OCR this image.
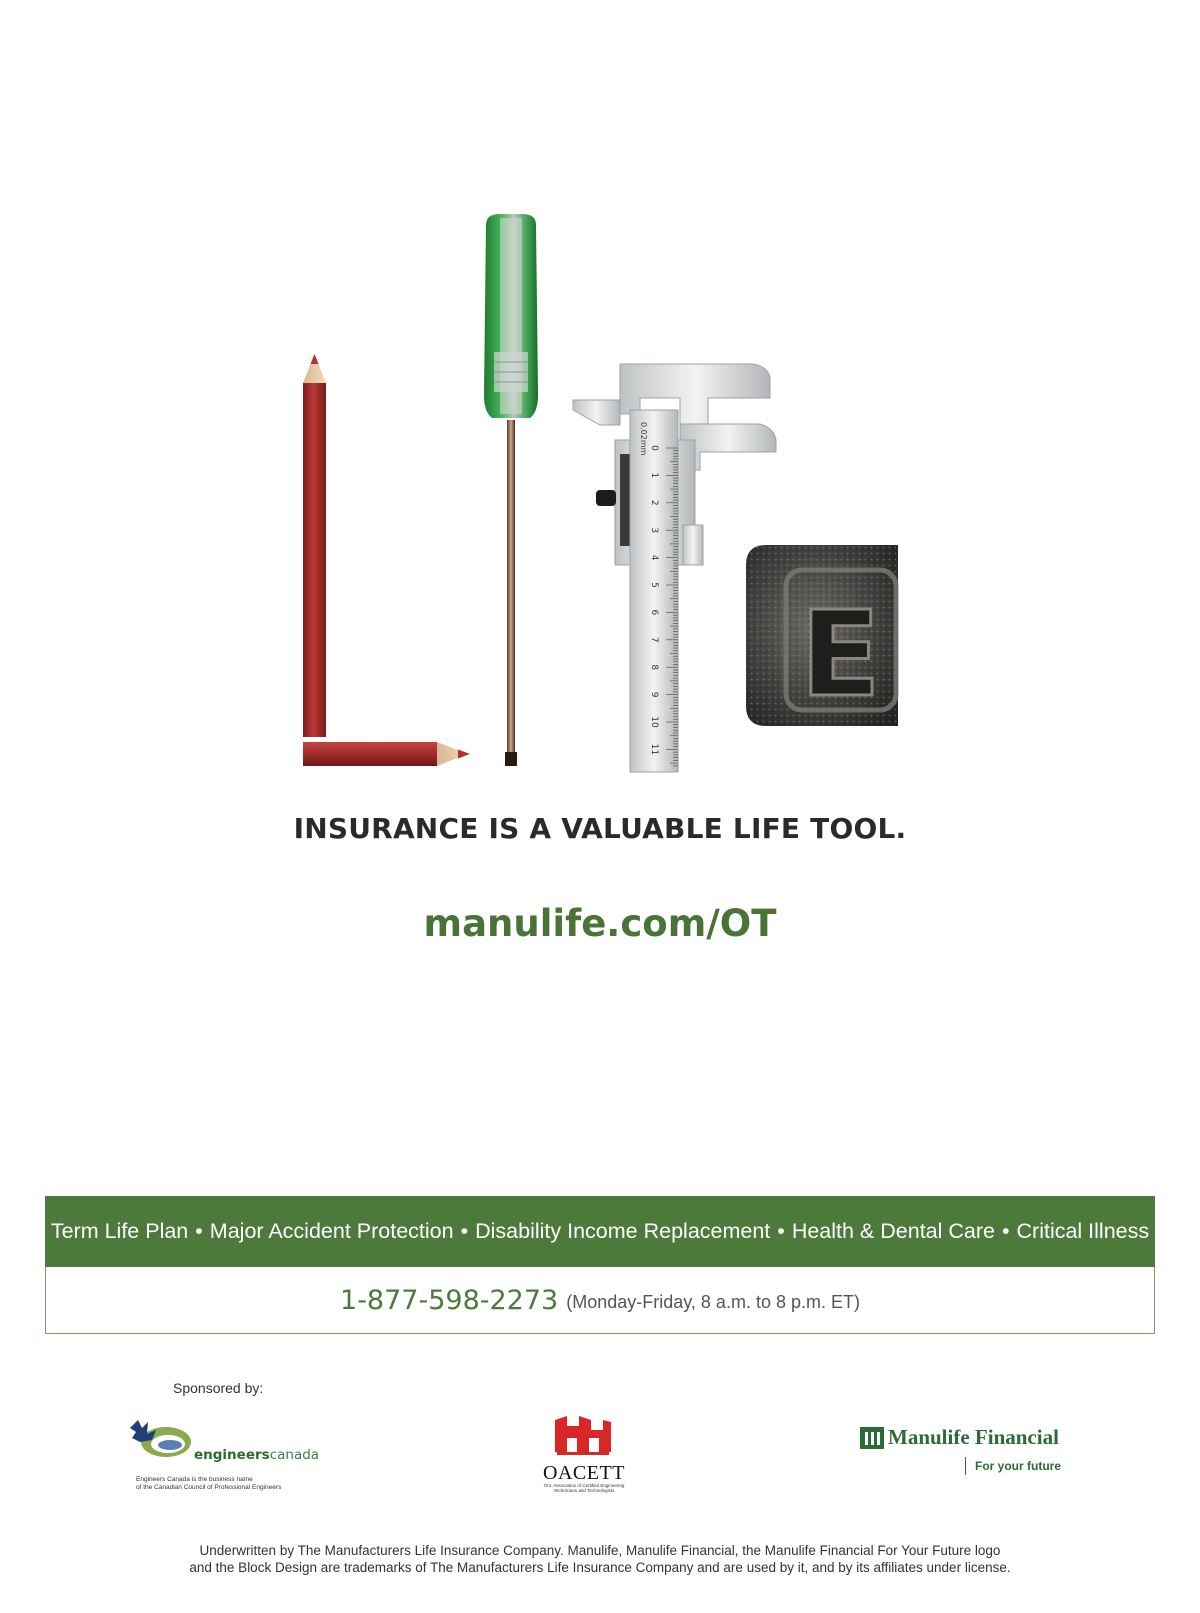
0.02mm 0
1
2
3
4
5
6
7
8
9
10
11
E
INSURANCE IS A VALUABLE LIFE TOOL.
manulife.com/OT
Term Life Plan • Major Accident Protection • Disability Income Replacement • Health & Dental Care • Critical Illness
1-877-598-2273 (Monday-Friday, 8 a.m. to 8 p.m. ET)
Sponsored by:
engineerscanada
Engineers Canada is the business name
of the Canadian Council of Professional Engineers
OACETT
Ont. Association of Certified Engineering Technicians and Technologists
Manulife Financial
For your future
Underwritten by The Manufacturers Life Insurance Company. Manulife, Manulife Financial, the Manulife Financial For Your Future logo
and the Block Design are trademarks of The Manufacturers Life Insurance Company and are used by it, and by its affiliates under license.
